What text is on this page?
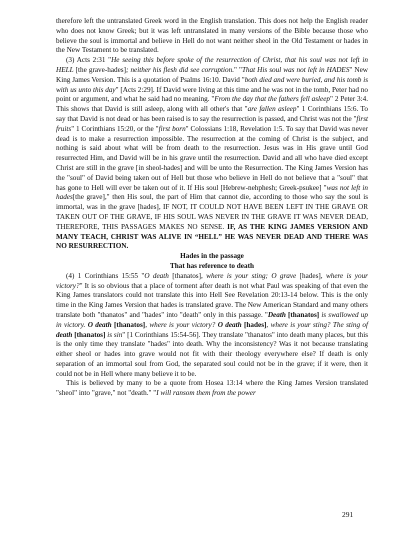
therefore left the untranslated Greek word in the English translation. This does not help the English reader who does not know Greek; but it was left untranslated in many versions of the Bible because those who believe the soul is immortal and believe in Hell do not want neither sheol in the Old Testament or hades in the New Testament to be translated.

(3) Acts 2:31 "He seeing this before spoke of the resurrection of Christ, that his soul was not left in HELL [the grave-hades]; neither his flesh did see corruption." "That His soul was not left in HADES" New King James Version. This is a quotation of Psalms 16:10. David "both died and were buried, and his tomb is with us unto this day" [Acts 2:29]. If David were living at this time and he was not in the tomb, Peter had no point or argument, and what he said had no meaning. "From the day that the fathers fell asleep" 2 Peter 3:4. This shows that David is still asleep, along with all other's that "are fallen asleep" 1 Corinthians 15:6. To say that David is not dead or has been raised is to say the resurrection is passed, and Christ was not the "first fruits" 1 Corinthians 15:20, or the "first born" Colossians 1:18, Revelation 1:5. To say that David was never dead is to make a resurrection impossible. The resurrection at the coming of Christ is the subject, and nothing is said about what will be from death to the resurrection. Jesus was in His grave until God resurrected Him, and David will be in his grave until the resurrection. David and all who have died except Christ are still in the grave [in sheol-hades] and will be unto the Resurrection. The King James Version has the "soul" of David being taken out of Hell but those who believe in Hell do not believe that a "soul" that has gone to Hell will ever be taken out of it. If His soul [Hebrew-nehphesh; Greek-psukee] "was not left in hades[the grave]," then His soul, the part of Him that cannot die, according to those who say the soul is immortal, was in the grave [hades], IF NOT, IT COULD NOT HAVE BEEN LEFT IN THE GRAVE OR TAKEN OUT OF THE GRAVE, IF HIS SOUL WAS NEVER IN THE GRAVE IT WAS NEVER DEAD, THEREFORE, THIS PASSAGES MAKES NO SENSE. IF, AS THE KING JAMES VERSION AND MANY TEACH, CHRIST WAS ALIVE IN “HELL” HE WAS NEVER DEAD AND THERE WAS NO RESURRECTION.

Hades in the passage

That has reference to death

(4) 1 Corinthians 15:55 "O death [thanatos], where is your sting; O grave [hades], where is your victory?" It is so obvious that a place of torment after death is not what Paul was speaking of that even the King James translators could not translate this into Hell See Revelation 20:13-14 below. This is the only time in the King James Version that hades is translated grave. The New American Standard and many others translate both "thanatos" and "hades" into "death" only in this passage. "Death [thanatos] is swallowed up in victory. O death [thanatos], where is your victory? O death [hades], where is your sting? The sting of death [thanatos] is sin" [1 Corinthians 15:54-56]. They translate "thanatos" into death many places, but this is the only time they translate "hades" into death. Why the inconsistency? Was it not because translating either sheol or hades into grave would not fit with their theology everywhere else? If death is only separation of an immortal soul from God, the separated soul could not be in the grave; if it were, then it could not be in Hell where many believe it to be.

This is believed by many to be a quote from Hosea 13:14 where the King James Version translated "sheol" into "grave," not "death." "I will ransom them from the power

291
